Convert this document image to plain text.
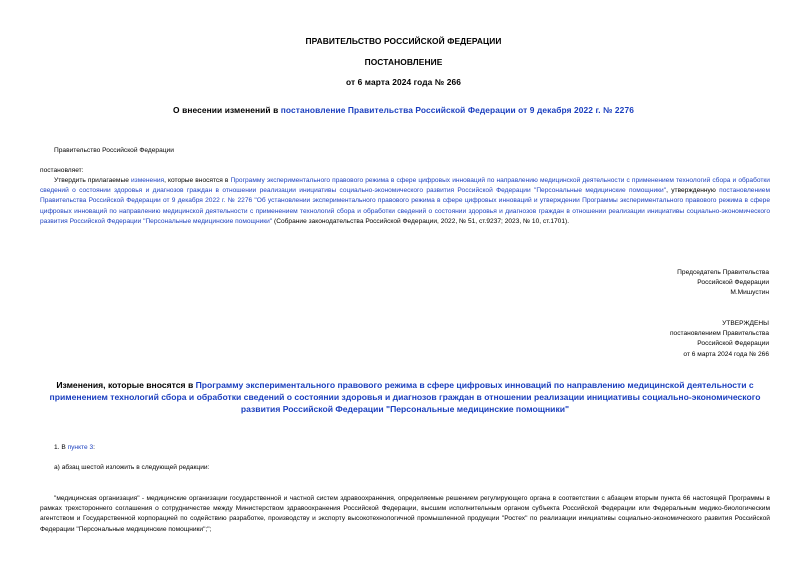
ПРАВИТЕЛЬСТВО РОССИЙСКОЙ ФЕДЕРАЦИИ
ПОСТАНОВЛЕНИЕ
от 6 марта 2024 года № 266
О внесении изменений в постановление Правительства Российской Федерации от 9 декабря 2022 г. № 2276
Правительство Российской Федерации
постановляет:
Утвердить прилагаемые изменения, которые вносятся в Программу экспериментального правового режима в сфере цифровых инноваций по направлению медицинской деятельности с применением технологий сбора и обработки сведений о состоянии здоровья и диагнозов граждан в отношении реализации инициативы социально-экономического развития Российской Федерации "Персональные медицинские помощники", утвержденную постановлением Правительства Российской Федерации от 9 декабря 2022 г. № 2276 "Об установлении экспериментального правового режима в сфере цифровых инноваций и утверждении Программы экспериментального правового режима в сфере цифровых инноваций по направлению медицинской деятельности с применением технологий сбора и обработки сведений о состоянии здоровья и диагнозов граждан в отношении реализации инициативы социально-экономического развития Российской Федерации "Персональные медицинские помощники" (Собрание законодательства Российской Федерации, 2022, № 51, ст.9237; 2023, № 10, ст.1701).
Председатель Правительства
Российской Федерации
М.Мишустин
УТВЕРЖДЕНЫ
постановлением Правительства
Российской Федерации
от 6 марта 2024 года № 266
Изменения, которые вносятся в Программу экспериментального правового режима в сфере цифровых инноваций по направлению медицинской деятельности с применением технологий сбора и обработки сведений о состоянии здоровья и диагнозов граждан в отношении реализации инициативы социально-экономического развития Российской Федерации "Персональные медицинские помощники"
1. В пункте 3:
а) абзац шестой изложить в следующей редакции:
"медицинская организация" - медицинские организации государственной и частной систем здравоохранения, определяемые решением регулирующего органа в соответствии с абзацем вторым пункта 66 настоящей Программы в рамках трехстороннего соглашения о сотрудничестве между Министерством здравоохранения Российской Федерации, высшим исполнительным органом субъекта Российской Федерации или Федеральным медико-биологическим агентством и Государственной корпорацией по содействию разработке, производству и экспорту высокотехнологичной промышленной продукции "Ростех" по реализации инициативы социально-экономического развития Российской Федерации "Персональные медицинские помощники";";
